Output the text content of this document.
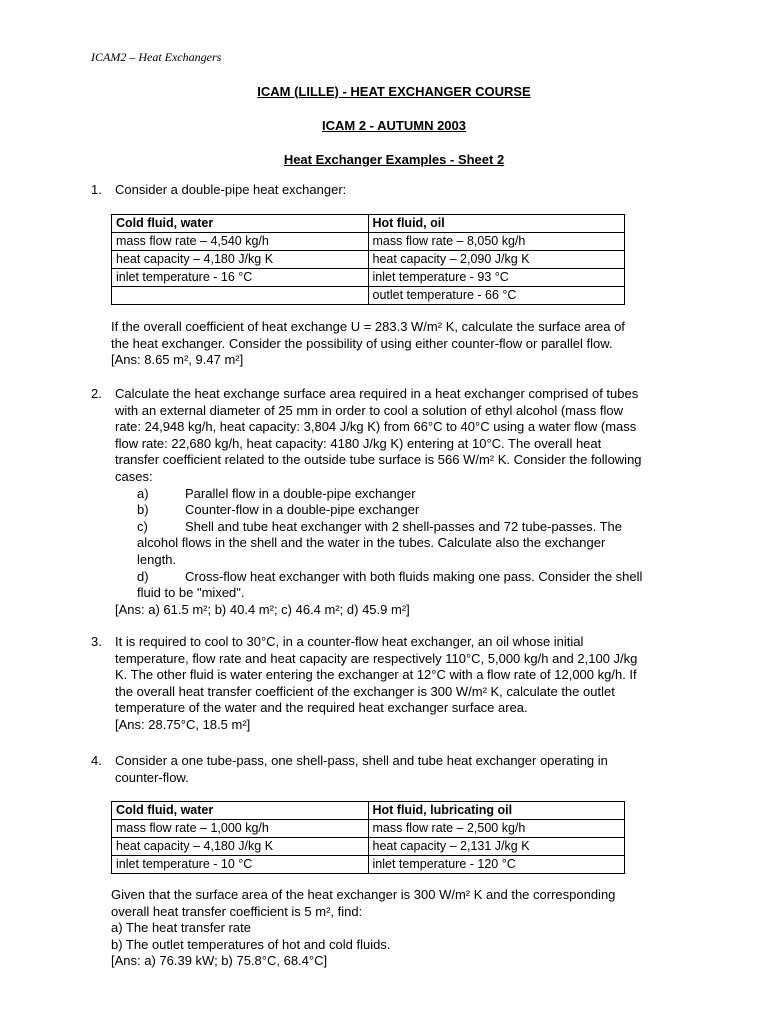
ICAM2 – Heat Exchangers
ICAM (LILLE) - HEAT EXCHANGER COURSE
ICAM 2 - AUTUMN 2003
Heat Exchanger Examples - Sheet 2
1. Consider a double-pipe heat exchanger:
Cold fluid, water	Hot fluid, oil
mass flow rate – 4,540 kg/h	mass flow rate – 8,050 kg/h
heat capacity – 4,180 J/kg K	heat capacity – 2,090 J/kg K
inlet temperature - 16 °C	inlet temperature - 93 °C
	outlet temperature - 66 °C
If the overall coefficient of heat exchange U = 283.3 W/m² K, calculate the surface area of
the heat exchanger. Consider the possibility of using either counter-flow or parallel flow.
[Ans: 8.65 m², 9.47 m²]
2. Calculate the heat exchange surface area required in a heat exchanger comprised of tubes
with an external diameter of 25 mm in order to cool a solution of ethyl alcohol (mass flow
rate: 24,948 kg/h, heat capacity: 3,804 J/kg K) from 66°C to 40°C using a water flow (mass
flow rate: 22,680 kg/h, heat capacity: 4180 J/kg K) entering at 10°C. The overall heat
transfer coefficient related to the outside tube surface is 566 W/m² K. Consider the following
cases:
a)	Parallel flow in a double-pipe exchanger
b)	Counter-flow in a double-pipe exchanger
c)	Shell and tube heat exchanger with 2 shell-passes and 72 tube-passes. The
alcohol flows in the shell and the water in the tubes. Calculate also the exchanger
length.
d)	Cross-flow heat exchanger with both fluids making one pass. Consider the shell
fluid to be "mixed".
[Ans: a) 61.5 m²; b) 40.4 m²; c) 46.4 m²; d) 45.9 m²]
3. It is required to cool to 30°C, in a counter-flow heat exchanger, an oil whose initial
temperature, flow rate and heat capacity are respectively 110°C, 5,000 kg/h and 2,100 J/kg
K. The other fluid is water entering the exchanger at 12°C with a flow rate of 12,000 kg/h. If
the overall heat transfer coefficient of the exchanger is 300 W/m² K, calculate the outlet
temperature of the water and the required heat exchanger surface area.
[Ans: 28.75°C, 18.5 m²]
4. Consider a one tube-pass, one shell-pass, shell and tube heat exchanger operating in
counter-flow.
Cold fluid, water	Hot fluid, lubricating oil
mass flow rate – 1,000 kg/h	mass flow rate – 2,500 kg/h
heat capacity – 4,180 J/kg K	heat capacity – 2,131 J/kg K
inlet temperature - 10 °C	inlet temperature - 120 °C
Given that the surface area of the heat exchanger is 300 W/m² K and the corresponding
overall heat transfer coefficient is 5 m², find:
a) The heat transfer rate
b) The outlet temperatures of hot and cold fluids.
[Ans: a) 76.39 kW; b) 75.8°C, 68.4°C]
